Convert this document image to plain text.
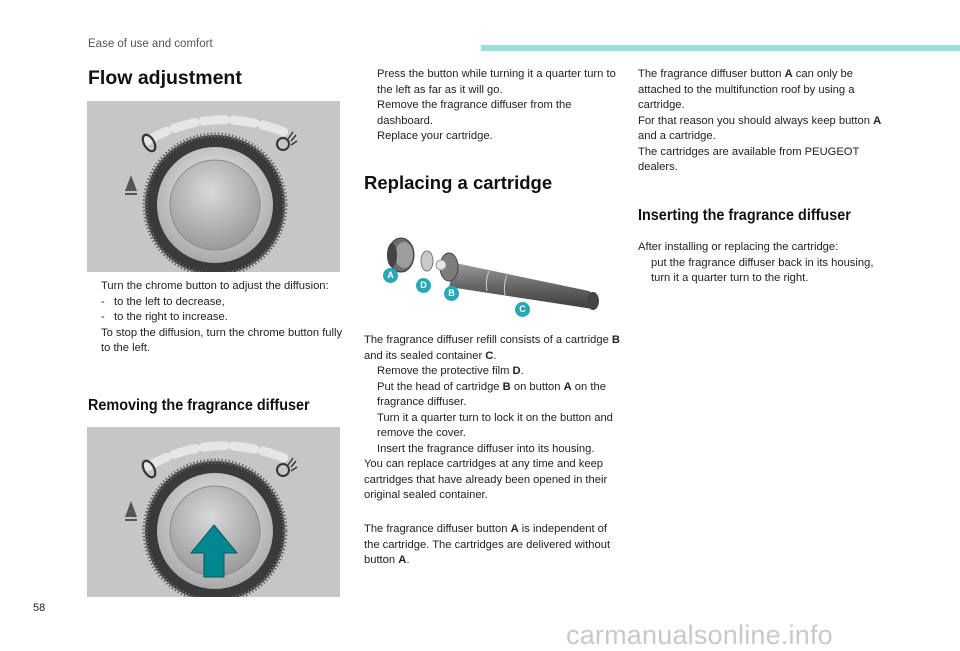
Ease of use and comfort
Flow adjustment

Turn the chrome button to adjust the diffusion:

- to the left to decrease,

- to the right to increase.

To stop the diffusion, turn the chrome button fully to the left.

Removing the fragrance diffuser

Press the button while turning it a quarter turn to the left as far as it will go.

Remove the fragrance diffuser from the dashboard.

Replace your cartridge.

Replacing a cartridge
A
D
B
C

The fragrance diffuser refill consists of a cartridge B and its sealed container C.

Remove the protective film D.

Put the head of cartridge B on button A on the fragrance diffuser.

Turn it a quarter turn to lock it on the button and remove the cover.

Insert the fragrance diffuser into its housing.

You can replace cartridges at any time and keep cartridges that have already been opened in their original sealed container.

The fragrance diffuser button A is independent of the cartridge. The cartridges are delivered without button A.

The fragrance diffuser button A can only be attached to the multifunction roof by using a cartridge.

For that reason you should always keep button A and a cartridge.

The cartridges are available from PEUGEOT dealers.

Inserting the fragrance diffuser

After installing or replacing the cartridge:

put the fragrance diffuser back in its housing,

turn it a quarter turn to the right.

58
carmanualsonline.info
